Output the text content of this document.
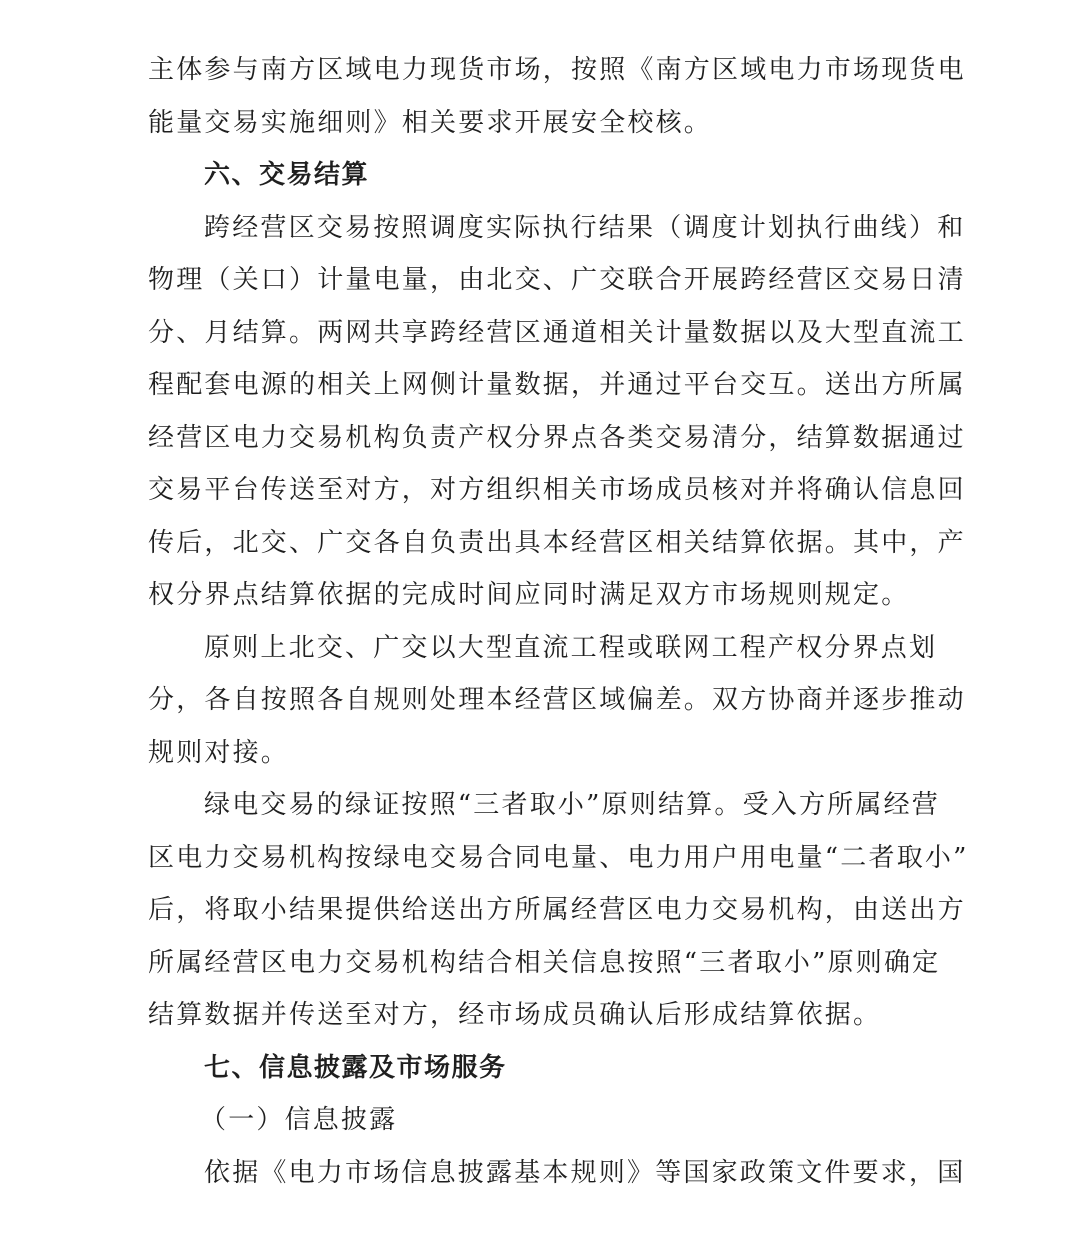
主体参与南方区域电力现货市场，按照《南方区域电力市场现货电
能量交易实施细则》相关要求开展安全校核。
六、交易结算
跨经营区交易按照调度实际执行结果（调度计划执行曲线）和
物理（关口）计量电量，由北交、广交联合开展跨经营区交易日清
分、月结算。两网共享跨经营区通道相关计量数据以及大型直流工
程配套电源的相关上网侧计量数据，并通过平台交互。送出方所属
经营区电力交易机构负责产权分界点各类交易清分，结算数据通过
交易平台传送至对方，对方组织相关市场成员核对并将确认信息回
传后，北交、广交各自负责出具本经营区相关结算依据。其中，产
权分界点结算依据的完成时间应同时满足双方市场规则规定。
原则上北交、广交以大型直流工程或联网工程产权分界点划
分，各自按照各自规则处理本经营区域偏差。双方协商并逐步推动
规则对接。
绿电交易的绿证按照“三者取小”原则结算。受入方所属经营
区电力交易机构按绿电交易合同电量、电力用户用电量“二者取小”
后，将取小结果提供给送出方所属经营区电力交易机构，由送出方
所属经营区电力交易机构结合相关信息按照“三者取小”原则确定
结算数据并传送至对方，经市场成员确认后形成结算依据。
七、信息披露及市场服务
（一）信息披露
依据《电力市场信息披露基本规则》等国家政策文件要求，国
